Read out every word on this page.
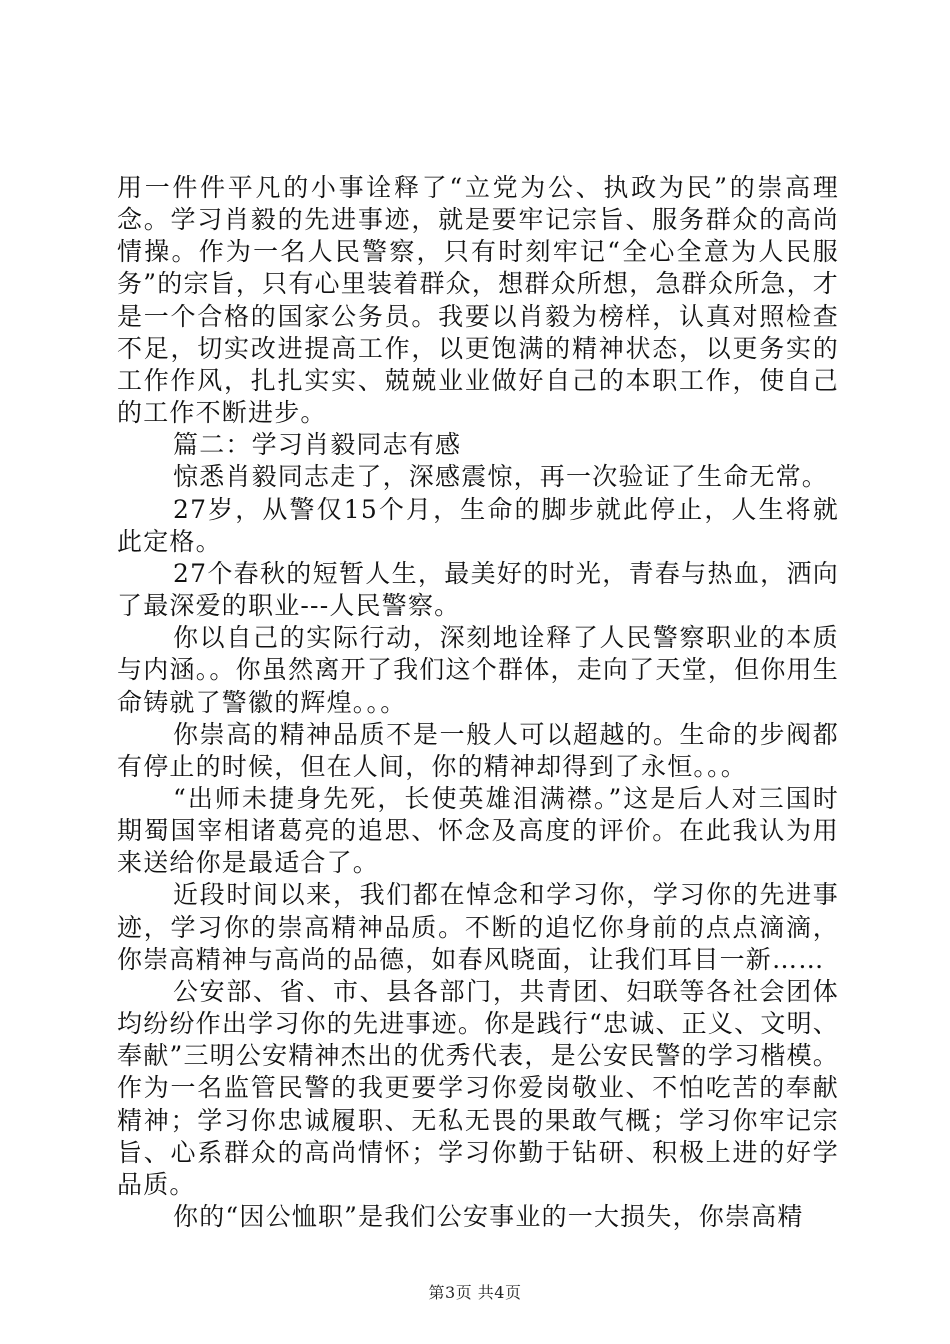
用一件件平凡的小事诠释了“立党为公、执政为民”的崇高理念。学习肖毅的先进事迹，就是要牢记宗旨、服务群众的高尚情操。作为一名人民警察，只有时刻牢记“全心全意为人民服务”的宗旨，只有心里装着群众，想群众所想，急群众所急，才是一个合格的国家公务员。我要以肖毅为榜样，认真对照检查不足，切实改进提高工作，以更饱满的精神状态，以更务实的工作作风，扎扎实实、兢兢业业做好自己的本职工作，使自己的工作不断进步。

篇二：学习肖毅同志有感

惊悉肖毅同志走了，深感震惊，再一次验证了生命无常。

27岁，从警仅15个月，生命的脚步就此停止，人生将就此定格。

27个春秋的短暂人生，最美好的时光，青春与热血，洒向了最深爱的职业---人民警察。

你以自己的实际行动，深刻地诠释了人民警察职业的本质与内涵。。你虽然离开了我们这个群体，走向了天堂，但你用生命铸就了警徽的辉煌。。。

你崇高的精神品质不是一般人可以超越的。生命的步阀都有停止的时候，但在人间，你的精神却得到了永恒。。。

“出师未捷身先死，长使英雄泪满襟。”这是后人对三国时期蜀国宰相诸葛亮的追思、怀念及高度的评价。在此我认为用来送给你是最适合了。

近段时间以来，我们都在悼念和学习你，学习你的先进事迹，学习你的崇高精神品质。不断的追忆你身前的点点滴滴，你崇高精神与高尚的品德，如春风晓面，让我们耳目一新……

公安部、省、市、县各部门，共青团、妇联等各社会团体均纷纷作出学习你的先进事迹。你是践行“忠诚、正义、文明、奉献”三明公安精神杰出的优秀代表，是公安民警的学习楷模。作为一名监管民警的我更要学习你爱岗敬业、不怕吃苦的奉献精神；学习你忠诚履职、无私无畏的果敢气概；学习你牢记宗旨、心系群众的高尚情怀；学习你勤于钻研、积极上进的好学品质。

你的“因公恤职”是我们公安事业的一大损失，你崇高精

第3页 共4页
